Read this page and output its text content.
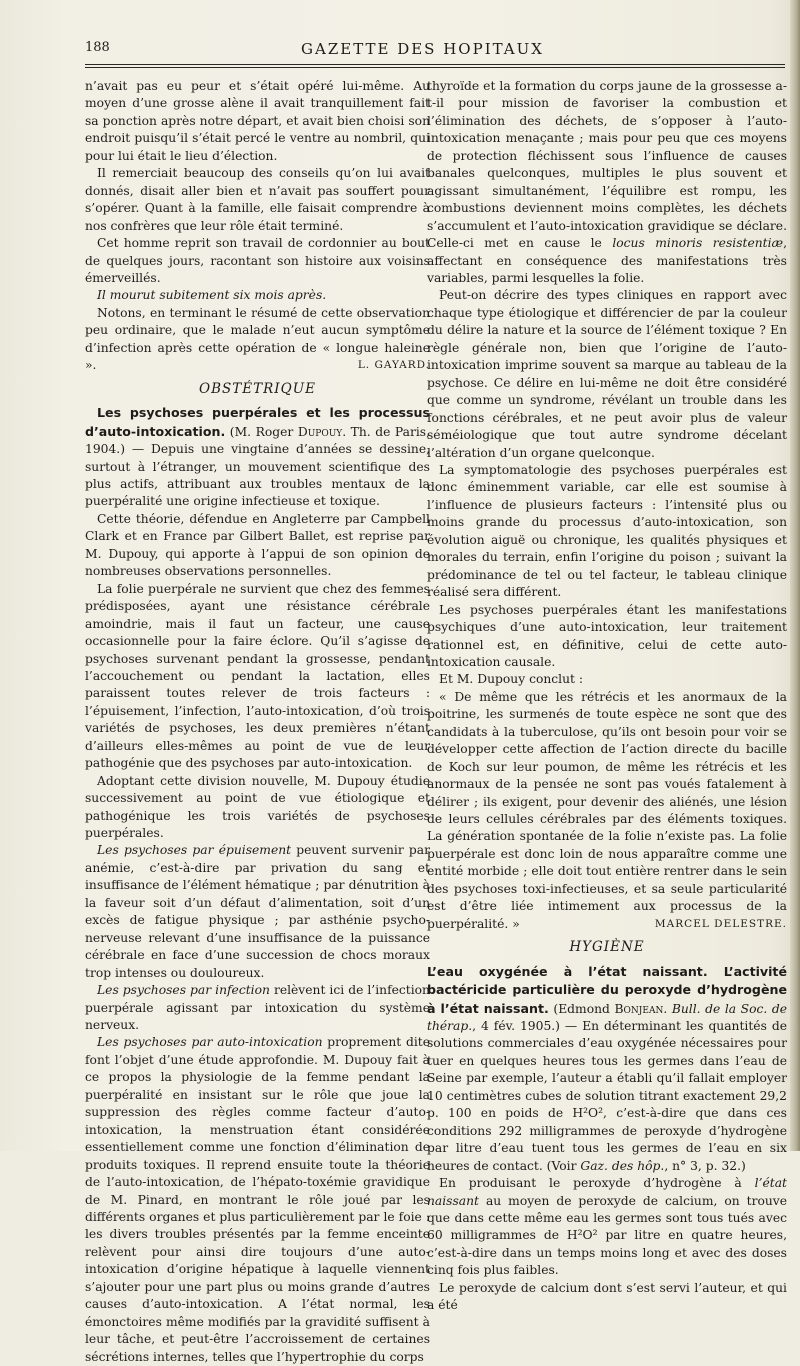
188	GAZETTE DES HOPITAUX

n’avait pas eu peur et s’était opéré lui-même. Au moyen d’une grosse alène il avait tranquillement fait sa ponction après notre départ, et avait bien choisi son endroit puisqu’il s’était percé le ventre au nombril, qui pour lui était le lieu d’élection.

Il remerciait beaucoup des conseils qu’on lui avait donnés, disait aller bien et n’avait pas souffert pour s’opérer. Quant à la famille, elle faisait comprendre à nos confrères que leur rôle était terminé.

Cet homme reprit son travail de cordonnier au bout de quelques jours, racontant son histoire aux voisins émerveillés.

Il mourut subitement six mois après.

Notons, en terminant le résumé de cette observation peu ordinaire, que le malade n’eut aucun symptôme d’infection après cette opération de « longue haleine ».	L. GAYARD.

OBSTÉTRIQUE

Les psychoses puerpérales et les processus d’auto-intoxication. (M. Roger Dupouy. Th. de Paris, 1904.) — Depuis une vingtaine d’années se dessine, surtout à l’étranger, un mouvement scientifique des plus actifs, attribuant aux troubles mentaux de la puerpéralité une origine infectieuse et toxique.

Cette théorie, défendue en Angleterre par Campbell Clark et en France par Gilbert Ballet, est reprise par M. Dupouy, qui apporte à l’appui de son opinion de nombreuses observations personnelles.

La folie puerpérale ne survient que chez des femmes prédisposées, ayant une résistance cérébrale amoindrie, mais il faut un facteur, une cause occasionnelle pour la faire éclore. Qu’il s’agisse de psychoses survenant pendant la grossesse, pendant l’accouchement ou pendant la lactation, elles paraissent toutes relever de trois facteurs : l’épuisement, l’infection, l’auto-intoxication, d’où trois variétés de psychoses, les deux premières n’étant d’ailleurs elles-mêmes au point de vue de leur pathogénie que des psychoses par auto-intoxication.

Adoptant cette division nouvelle, M. Dupouy étudie successivement au point de vue étiologique et pathogénique les trois variétés de psychoses puerpérales.

Les psychoses par épuisement peuvent survenir par anémie, c’est-à-dire par privation du sang et insuffisance de l’élément hématique ; par dénutrition à la faveur soit d’un défaut d’alimentation, soit d’un excès de fatigue physique ; par asthénie psycho-nerveuse relevant d’une insuffisance de la puissance cérébrale en face d’une succession de chocs moraux trop intenses ou douloureux.

Les psychoses par infection relèvent ici de l’infection puerpérale agissant par intoxication du système nerveux.

Les psychoses par auto-intoxication proprement dite font l’objet d’une étude approfondie. M. Dupouy fait à ce propos la physiologie de la femme pendant la puerpéralité en insistant sur le rôle que joue la suppression des règles comme facteur d’auto-intoxication, la menstruation étant considérée essentiellement comme une fonction d’élimination de produits toxiques. Il reprend ensuite toute la théorie de l’auto-intoxication, de l’hépato-toxémie gravidique de M. Pinard, en montrant le rôle joué par les différents organes et plus particulièrement par le foie : les divers troubles présentés par la femme enceinte relèvent pour ainsi dire toujours d’une auto-intoxication d’origine hépatique à laquelle viennent s’ajouter pour une part plus ou moins grande d’autres causes d’auto-intoxication. A l’état normal, les émonctoires même modifiés par la gravidité suffisent à leur tâche, et peut-être l’accroissement de certaines sécrétions internes, telles que l’hypertrophie du corps

thyroïde et la formation du corps jaune de la grossesse a-t-il pour mission de favoriser la combustion et l’élimination des déchets, de s’opposer à l’auto-intoxication menaçante ; mais pour peu que ces moyens de protection fléchissent sous l’influence de causes banales quelconques, multiples le plus souvent et agissant simultanément, l’équilibre est rompu, les combustions deviennent moins complètes, les déchets s’accumulent et l’auto-intoxication gravidique se déclare. Celle-ci met en cause le locus minoris resistentiæ, affectant en conséquence des manifestations très variables, parmi lesquelles la folie.

Peut-on décrire des types cliniques en rapport avec chaque type étiologique et différencier de par la couleur du délire la nature et la source de l’élément toxique ? En règle générale non, bien que l’origine de l’auto-intoxication imprime souvent sa marque au tableau de la psychose. Ce délire en lui-même ne doit être considéré que comme un syndrome, révélant un trouble dans les fonctions cérébrales, et ne peut avoir plus de valeur séméiologique que tout autre syndrome décelant l’altération d’un organe quelconque.

La symptomatologie des psychoses puerpérales est donc éminemment variable, car elle est soumise à l’influence de plusieurs facteurs : l’intensité plus ou moins grande du processus d’auto-intoxication, son évolution aiguë ou chronique, les qualités physiques et morales du terrain, enfin l’origine du poison ; suivant la prédominance de tel ou tel facteur, le tableau clinique réalisé sera différent.

Les psychoses puerpérales étant les manifestations psychiques d’une auto-intoxication, leur traitement rationnel est, en définitive, celui de cette auto-intoxication causale.

Et M. Dupouy conclut :

« De même que les rétrécis et les anormaux de la poitrine, les surmenés de toute espèce ne sont que des candidats à la tuberculose, qu’ils ont besoin pour voir se développer cette affection de l’action directe du bacille de Koch sur leur poumon, de même les rétrécis et les anormaux de la pensée ne sont pas voués fatalement à délirer ; ils exigent, pour devenir des aliénés, une lésion de leurs cellules cérébrales par des éléments toxiques. La génération spontanée de la folie n’existe pas. La folie puerpérale est donc loin de nous apparaître comme une entité morbide ; elle doit tout entière rentrer dans le sein des psychoses toxi-infectieuses, et sa seule particularité est d’être liée intimement aux processus de la puerpéralité. »	MARCEL DELESTRE.

HYGIÈNE

L’eau oxygénée à l’état naissant. L’activité bactéricide particulière du peroxyde d’hydrogène à l’état naissant. (Edmond Bonjean. Bull. de la Soc. de thérap., 4 fév. 1905.) — En déterminant les quantités de solutions commerciales d’eau oxygénée nécessaires pour tuer en quelques heures tous les germes dans l’eau de Seine par exemple, l’auteur a établi qu’il fallait employer 10 centimètres cubes de solution titrant exactement 29,2 p. 100 en poids de H²O², c’est-à-dire que dans ces conditions 292 milligrammes de peroxyde d’hydrogène par litre d’eau tuent tous les germes de l’eau en six heures de contact. (Voir Gaz. des hôp., n° 3, p. 32.)

En produisant le peroxyde d’hydrogène à l’état naissant au moyen de peroxyde de calcium, on trouve que dans cette même eau les germes sont tous tués avec 60 milligrammes de H²O² par litre en quatre heures, c’est-à-dire dans un temps moins long et avec des doses cinq fois plus faibles.

Le peroxyde de calcium dont s’est servi l’auteur, et qui a été
